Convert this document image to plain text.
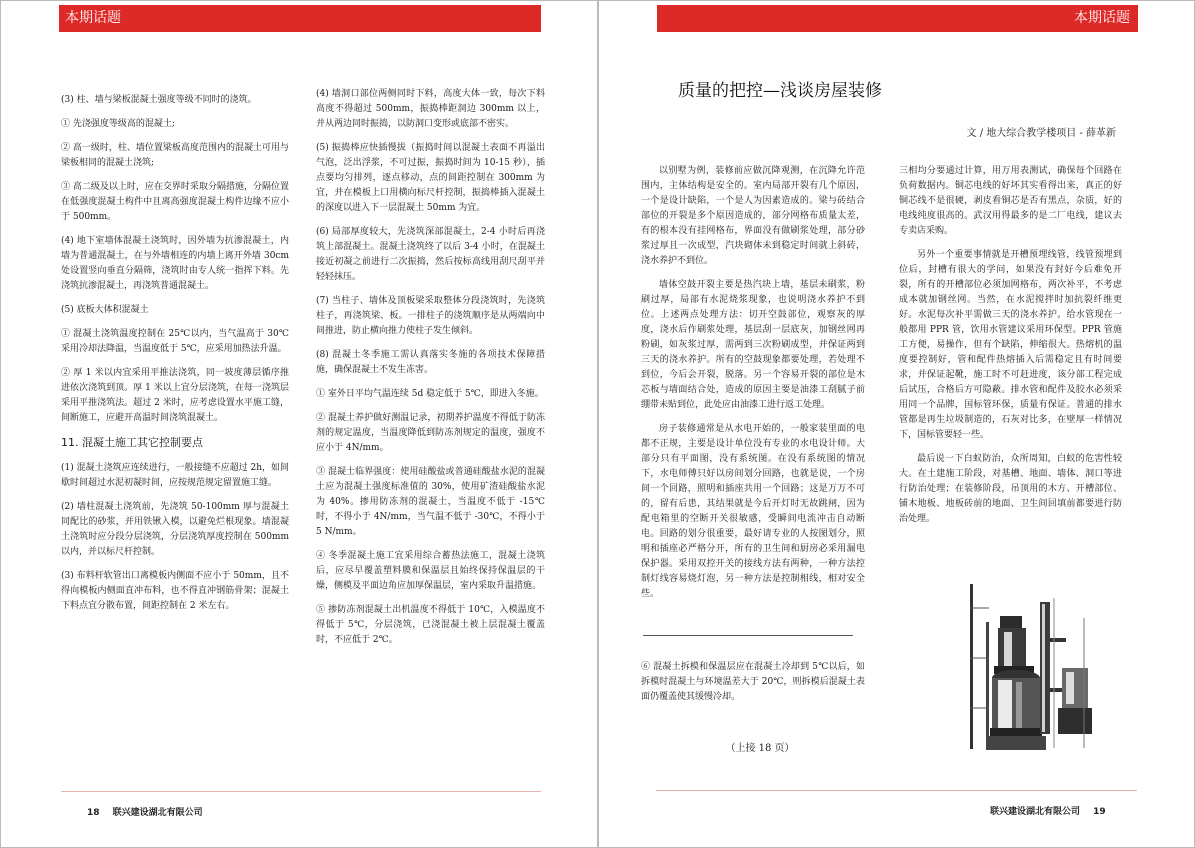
本期话题

(3) 柱、墙与梁板混凝土强度等级不同时的浇筑。

① 先浇强度等级高的混凝土;

② 高一级时，柱、墙位置梁板高度范围内的混凝土可用与梁板相同的混凝土浇筑;

③ 高二级及以上时，应在交界时采取分隔措施，分隔位置在低强度混凝土构件中且离高强度混凝土构件边缘不应小于 500mm。

(4) 地下室墙体混凝土浇筑时，因外墙为抗渗混凝土，内墙为普通混凝土，在与外墙相连的内墙上离开外墙 30cm 处设置竖向垂直分隔筛，浇筑时由专人统一指挥下料。先浇筑抗渗混凝土，再浇筑普通混凝土。

(5) 底板大体积混凝土

① 混凝土浇筑温度控制在 25℃以内，当气温高于 30℃采用冷却法降温，当温度低于 5℃，应采用加热法升温。

② 厚 1 米以内宜采用平推法浇筑，同一坡度薄层循序推进依次浇筑到顶。厚 1 米以上宜分层浇筑，在每一浇筑层采用平推浇筑法。超过 2 米时，应考虑设置水平施工缝，间断施工，应避开高温时间浇筑混凝土。

11. 混凝土施工其它控制要点

(1) 混凝土浇筑应连续进行，一般接缝不应超过 2h，如间歇时间超过水泥初凝时间，应按规范规定留置施工缝。

(2) 墙柱混凝土浇筑前，先浇筑 50-100mm 厚与混凝土同配比的砂浆，并用铁锹入模，以避免烂根现象。墙混凝土浇筑时应分段分层浇筑，分层浇筑厚度控制在 500mm 以内，并以标尺杆控制。

(3) 布料杆软管出口离模板内侧面不应小于 50mm，且不得向模板内侧面直冲布料，也不得直冲钢筋骨架；混凝土下料点宜分散布置，间距控制在 2 米左右。

(4) 墙洞口部位两侧同时下料，高度大体一致，每次下料高度不得超过 500mm，振捣棒距洞边 300mm 以上，并从两边同时振捣，以防洞口变形或底部不密实。

(5) 振捣棒应快插慢拔（振捣时间以混凝土表面不再溢出气泡，泛出浮浆，不可过振，振捣时间为 10-15 秒），插点要均匀排列，逐点移动，点的间距控制在 300mm 为宜，并在模板上口用横向标尺杆控制，振捣棒插入混凝土的深度以进入下一层混凝土 50mm 为宜。

(6) 局部厚度较大，先浇筑深部混凝土，2-4 小时后再浇筑上部混凝土。混凝土浇筑终了以后 3-4 小时，在混凝土接近初凝之前进行二次振捣，然后按标高线用刮尺刮平并轻轻抹压。

(7) 当柱子、墙体及顶板梁采取整体分段浇筑时，先浇筑柱子，再浇筑梁、板。一排柱子的浇筑顺序是从两端向中间推进，防止横向推力使柱子发生倾斜。

(8) 混凝土冬季施工需认真落实冬施的各项技术保障措施，确保混凝土不发生冻害。

① 室外日平均气温连续 5d 稳定低于 5℃，即进入冬施。

② 混凝土养护做好测温记录，初期养护温度不得低于防冻剂的规定温度，当温度降低到防冻剂规定的温度，强度不应小于 4N/mm。

③ 混凝土临界强度：使用硅酸盐或普通硅酸盐水泥的混凝土应为混凝土强度标准值的 30%，使用矿渣硅酸盐水泥为 40%。掺用防冻剂的混凝土，当温度不低于 -15℃时，不得小于 4N/mm，当气温不低于 -30℃，不得小于 5 N/mm。

④ 冬季混凝土施工宜采用综合蓄热法施工，混凝土浇筑后，应尽早覆盖塑料膜和保温层且始终保持保温层的干燥，侧模及平面边角应加厚保温层，室内采取升温措施。

⑤ 掺防冻剂混凝土出机温度不得低于 10℃，入模温度不得低于 5℃，分层浇筑，已浇混凝土被上层混凝土覆盖时，不应低于 2℃。

18 联兴建设湖北有限公司
本期话题
质量的把控—浅谈房屋装修
文 / 地大综合教学楼项目 - 薛革新

以别墅为例，装修前应做沉降观测，在沉降允许范围内，主体结构是安全的。室内局部开裂有几个原因，一个是设计缺陷，一个是人为因素造成的。梁与砖结合部位的开裂是多个原因造成的，部分网格布质量太差，有的根本没有挂网格布，界面没有做刷浆处理，部分砂浆过厚且一次成型，汽块砌体未到稳定时间就上斜砖，浇水养护不到位。

墙体空鼓开裂主要是热汽块上墙，基层未刷浆，粉刷过厚，局部有水泥烧浆现象，也说明浇水养护不到位。上述两点处理方法：切开空鼓部位，观察灰的厚度，浇水后作刷浆处理，基层刮一层底灰，加钢丝网再粉刷，如灰浆过厚，需两到三次粉刷成型，并保证两到三天的浇水养护。所有的空鼓现象都要处理，若处理不到位，今后会开裂，脱落。另一个容易开裂的部位是木芯板与墙面结合处，造成的原因主要是油漆工刮腻子前绷带未贴到位，此处应由油漆工进行返工处理。

房子装修通常是从水电开始的，一般家装里面的电都不正规，主要是设计单位没有专业的水电设计师。大部分只有平面图，没有系统图。在没有系统图的情况下，水电师傅只好以房间划分回路，也就是说，一个房间一个回路，照明和插座共用一个回路；这是万万不可的，留有后患，其结果就是今后开灯时无故跳闸，因为配电箱里的空断开关很敏感，受瞬间电流冲击自动断电。回路的划分很重要，最好请专业的人按图划分，照明和插座必严格分开，所有的卫生间和厨房必采用漏电保护器。采用双控开关的接线方法有两种，一种方法控制灯线容易烧灯泡，另一种方法是控制相线，相对安全些。

三相均分要通过计算，用万用表测试，确保每个回路在负荷数据内。铜芯电线的好坏其实看得出来，真正的好铜芯线不是很硬，剥皮看铜芯是否有黑点，杂质，好的电线纯度很高的。武汉用得最多的是二厂电线，建议去专卖店采购。

另外一个重要事情就是开槽预埋线管，线管预埋到位后，封槽有很大的学问，如果没有封好今后难免开裂，所有的开槽部位必须加网格布，两次补平，不考虑成本就加钢丝网。当然，在水泥搅拌时加抗裂纤维更好。水泥每次补平需做三天的浇水养护。给水管现在一般都用 PPR 管，饮用水管建议采用环保型。PPR 管施工方便，易操作，但有个缺陷，伸缩很大。热熔机的温度要控制好，管和配件热熔插入后需稳定且有时间要求，并保证起靴，施工时不可赶进度，该分部工程完成后试压，合格后方可隐蔽。排水管和配件及胶水必须采用同一个品牌，国标管环保，质量有保证。普通的排水管都是再生垃圾制造的，石灰对比多，在壁厚一样情况下，国标管要轻一些。

最后说一下白蚁防治，众所周知，白蚁的危害性较大。在土建施工阶段，对基槽、地面、墙体、洞口等进行防治处理；在装修阶段，吊顶用的木方、开槽部位、铺木地板、地板砖前的地面、卫生间回填前都要进行防治处理。

⑥ 混凝土拆模和保温层应在混凝土冷却到 5℃以后，如拆模时混凝土与环境温差大于 20℃，则拆模后混凝土表面仍覆盖使其缓慢冷却。

（上接 18 页）
联兴建设湖北有限公司 19
